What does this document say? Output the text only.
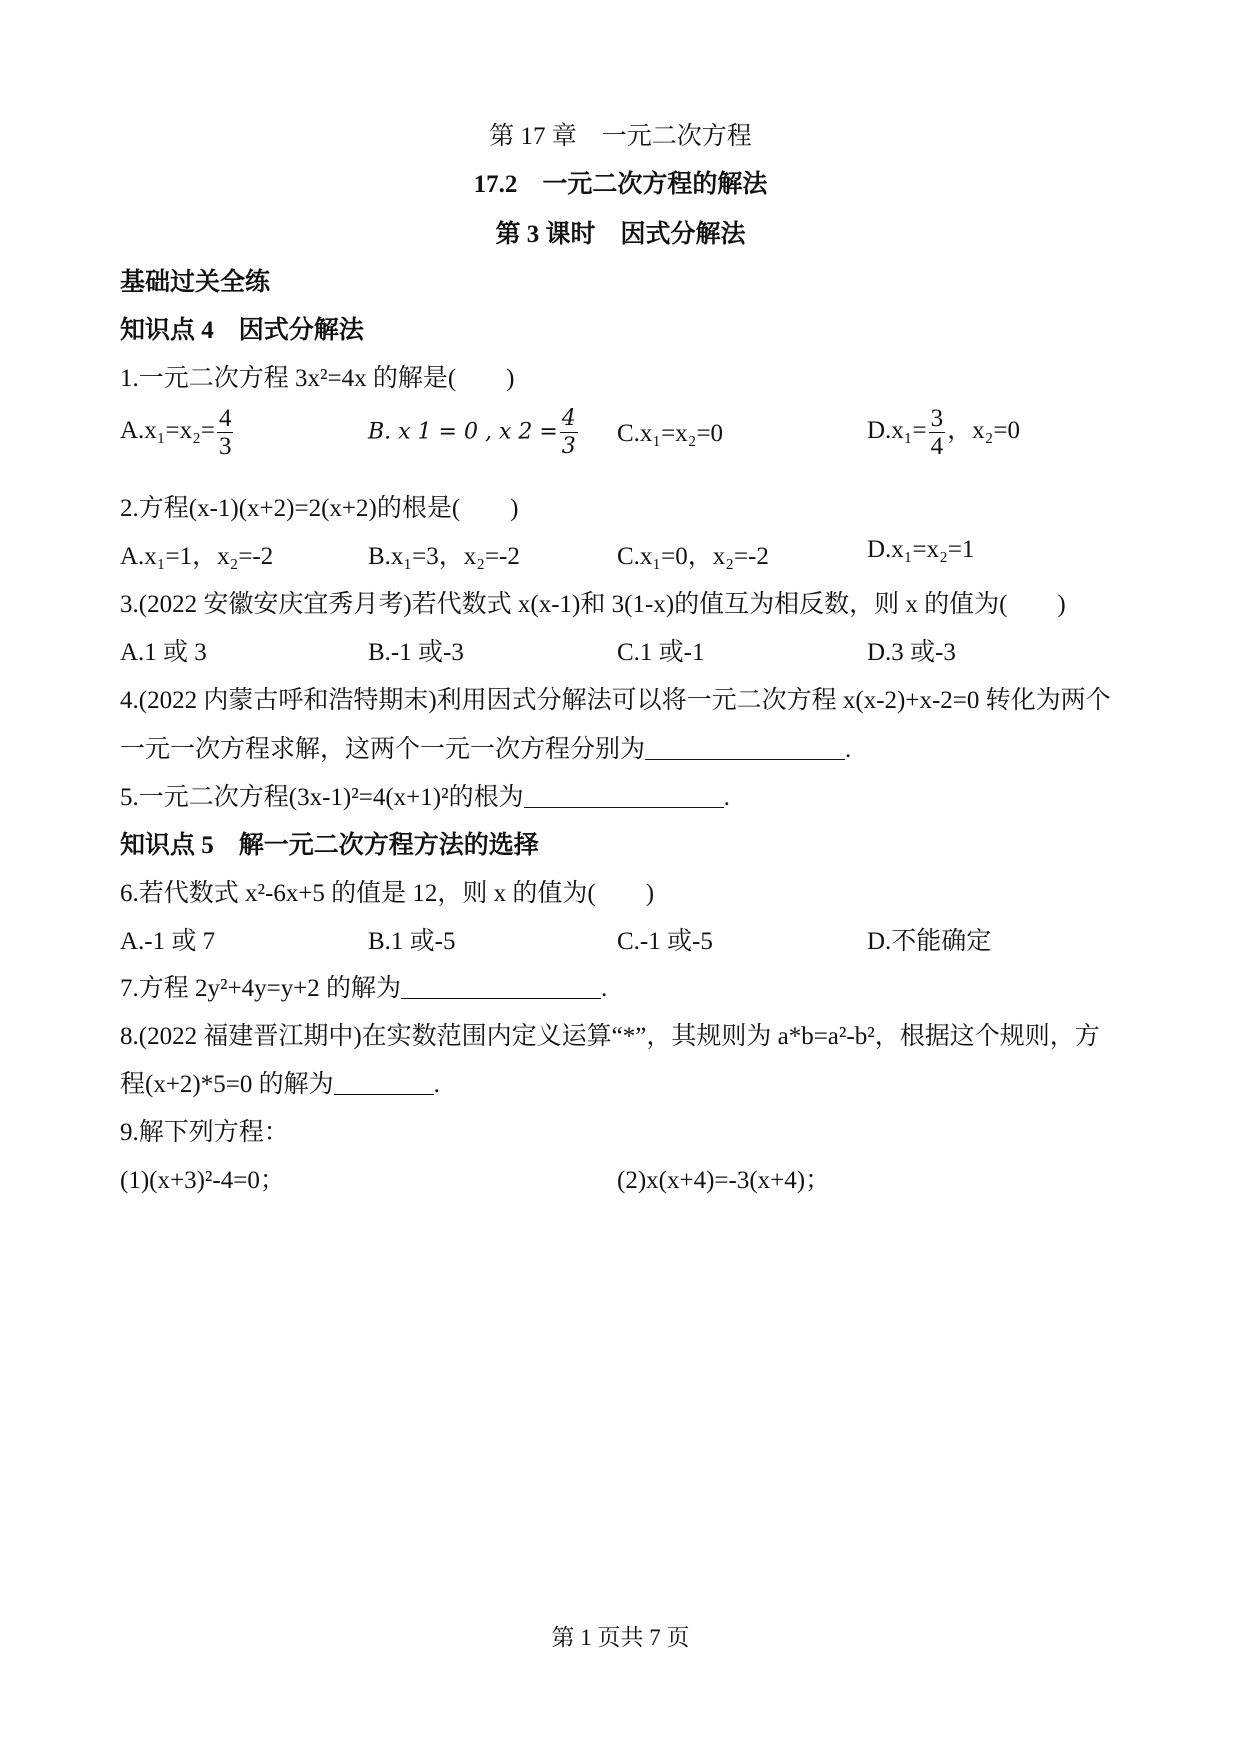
第 17 章　一元二次方程
17.2　一元二次方程的解法
第 3 课时　因式分解法
基础过关全练
知识点 4　因式分解法
1.一元二次方程 3x²=4x 的解是(　　)
$A.x_1=x_2= \frac{4}{3}$	B. x 1 = 0 , x $2 = \frac{4}{3} C.x_1=x_2=0$	$D.x_1= \frac{3}{4}$ ，x₂=0
2.方程(x-1)(x+2)=2(x+2)的根是(　　)
A.x₁=1，x₂=-2	B.x₁=3，x₂=-2	C.x₁=0，x₂=-2	D.x₁=x₂=1
3.(2022 安徽安庆宜秀月考)若代数式 x(x-1)和 3(1-x)的值互为相反数，则 x 的值为(　　)
A.1 或 3	B.-1 或-3	C.1 或-1	D.3 或-3
4.(2022 内蒙古呼和浩特期末)利用因式分解法可以将一元二次方程 x(x-2)+x-2=0 转化为两个
一元一次方程求解，这两个一元一次方程分别为	.
5.一元二次方程(3x-1)²=4(x+1)²的根为	.
知识点 5　解一元二次方程方法的选择
6.若代数式 x²-6x+5 的值是 12，则 x 的值为(　　)
A.-1 或 7	B.1 或-5	C.-1 或-5	D.不能确定
7.方程 2y²+4y=y+2 的解为	.
8.(2022 福建晋江期中)在实数范围内定义运算“*”，其规则为 a*b=a²-b²，根据这个规则，方
程(x+2)*5=0 的解为	.
9.解下列方程：
(1)(x+3)²-4=0；	(2)x(x+4)=-3(x+4)；
第 1 页共 7 页
